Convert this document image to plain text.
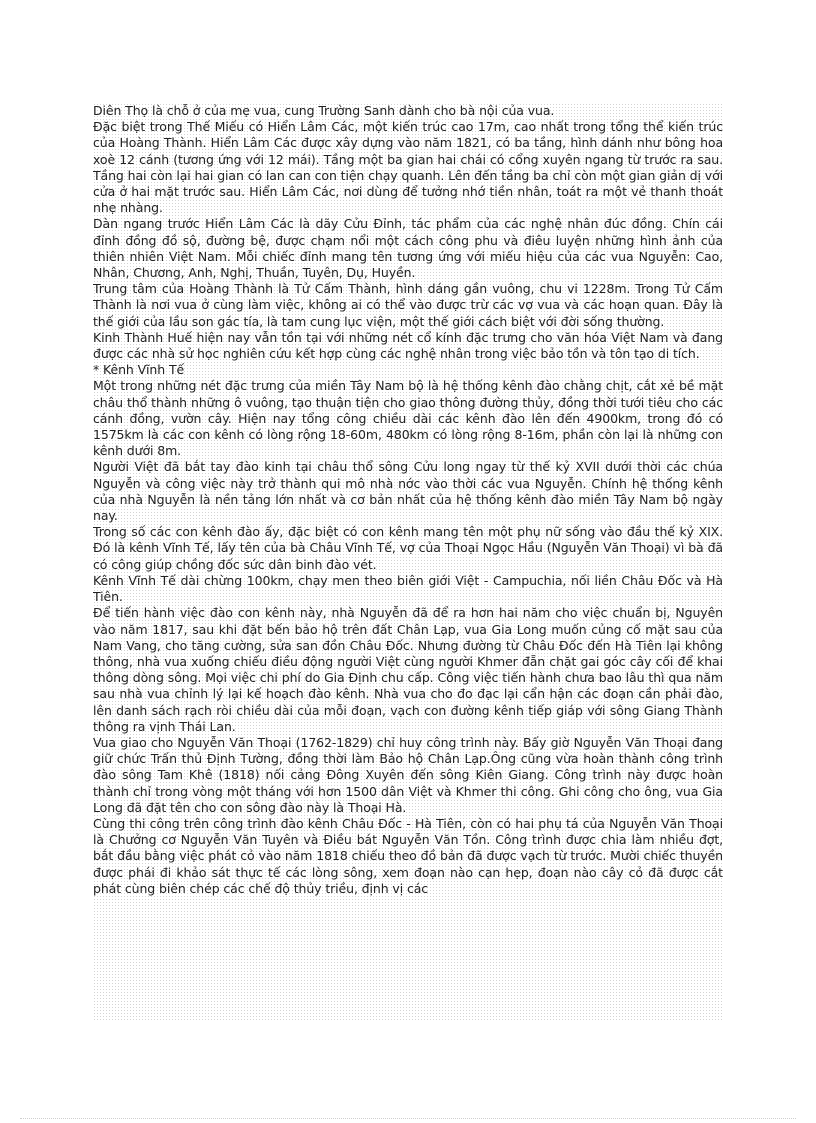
Diên Thọ là chỗ ở của mẹ vua, cung Trường Sanh dành cho bà nội của vua.

Đặc biệt trong Thế Miếu có Hiển Lâm Các, một kiến trúc cao 17m, cao nhất trong tổng thể kiến trúc của Hoàng Thành. Hiển Lâm Các được xây dựng vào năm 1821, có ba tầng, hình dánh như bông hoa xoè 12 cánh (tương ứng với 12 mái). Tầng một ba gian hai chái có cổng xuyên ngang từ trước ra sau. Tầng hai còn lại hai gian có lan can con tiện chạy quanh. Lên đến tầng ba chỉ còn một gian giản dị với cửa ở hai mặt trước sau. Hiển Lâm Các, nơi dùng để tưởng nhớ tiền nhân, toát ra một vẻ thanh thoát nhẹ nhàng.

Dàn ngang trước Hiển Lâm Các là dãy Cửu Đỉnh, tác phẩm của các nghệ nhân đúc đồng. Chín cái đỉnh đồng đồ sộ, đường bệ, được chạm nổi một cách công phu và điêu luyện những hình ảnh của thiên nhiên Việt Nam. Mỗi chiếc đỉnh mang tên tương ứng với miếu hiệu của các vua Nguyễn: Cao, Nhân, Chương, Anh, Nghị, Thuần, Tuyên, Dụ, Huyền.

Trung tâm của Hoàng Thành là Tử Cấm Thành, hình dáng gần vuông, chu vi 1228m. Trong Tử Cấm Thành là nơi vua ở cùng làm việc, không ai có thể vào được trừ các vợ vua và các hoạn quan. Đây là thế giới của lầu son gác tía, là tam cung lục viện, một thế giới cách biệt với đời sống thường.

Kinh Thành Huế hiện nay vẫn tồn tại với những nét cổ kính đặc trưng cho văn hóa Việt Nam và đang được các nhà sử học nghiên cứu kết hợp cùng các nghệ nhân trong việc bảo tồn và tôn tạo di tích.

* Kênh Vĩnh Tế

Một trong những nét đặc trưng của miền Tây Nam bộ là hệ thống kênh đào chằng chịt, cắt xẻ bề mặt châu thổ thành những ô vuông, tạo thuận tiện cho giao thông đường thủy, đồng thời tưới tiêu cho các cánh đồng, vườn cây. Hiện nay tổng công chiều dài các kênh đào lên đến 4900km, trong đó có 1575km là các con kênh có lòng rộng 18-60m, 480km có lòng rộng 8-16m, phần còn lại là những con kênh dưới 8m.

Người Việt đã bắt tay đào kinh tại châu thổ sông Cửu long ngay từ thế kỷ XVII dưới thời các chúa Nguyễn và công việc này trở thành qui mô nhà nớc vào thời các vua Nguyễn. Chính hệ thống kênh của nhà Nguyễn là nền tảng lớn nhất và cơ bản nhất của hệ thống kênh đào miền Tây Nam bộ ngày nay.

Trong số các con kênh đào ấy, đặc biệt có con kênh mang tên một phụ nữ sống vào đầu thế kỷ XIX. Đó là kênh Vĩnh Tế, lấy tên của bà Châu Vĩnh Tế, vợ của Thoại Ngọc Hầu (Nguyễn Văn Thoại) vì bà đã có công giúp chồng đốc sức dân binh đào vét.

Kênh Vĩnh Tế dài chừng 100km, chạy men theo biên giới Việt - Campuchia, nối liền Châu Đốc và Hà Tiên.

Để tiến hành việc đào con kênh này, nhà Nguyễn đã để ra hơn hai năm cho việc chuẩn bị, Nguyên vào năm 1817, sau khi đặt bến bảo hộ trên đất Chân Lạp, vua Gia Long muốn củng cố mặt sau của Nam Vang, cho tăng cường, sửa san đồn Châu Đốc. Nhưng đường từ Châu Đốc đến Hà Tiên lại không thông, nhà vua xuống chiếu điều động người Việt cùng người Khmer đẵn chặt gai góc cây cối để khai thông dòng sông. Mọi việc chi phí do Gia Định chu cấp. Công việc tiến hành chưa bao lâu thì qua năm sau nhà vua chỉnh lý lại kế hoạch đào kênh. Nhà vua cho đo đạc lại cẩn hận các đoạn cần phải đào, lên danh sách rạch ròi chiều dài của mỗi đoạn, vạch con đường kênh tiếp giáp với sông Giang Thành thông ra vịnh Thái Lan.

Vua giao cho Nguyễn Văn Thoại (1762-1829) chỉ huy công trình này. Bấy giờ Nguyễn Văn Thoại đang giữ chức Trấn thủ Định Tường, đồng thời làm Bảo hộ Chân Lạp.Ông cũng vừa hoàn thành công trình đào sông Tam Khê (1818) nối cảng Đông Xuyên đến sông Kiên Giang. Công trình này được hoàn thành chỉ trong vòng một tháng với hơn 1500 dân Việt và Khmer thi công. Ghi công cho ông, vua Gia Long đã đặt tên cho con sông đào này là Thoại Hà.

Cùng thi công trên công trình đào kênh Châu Đốc - Hà Tiên, còn có hai phụ tá của Nguyễn Văn Thoại là Chưởng cơ Nguyễn Văn Tuyên và Điều bát Nguyễn Văn Tồn. Công trình được chia làm nhiều đợt, bắt đầu bằng việc phát cỏ vào năm 1818 chiếu theo đồ bản đã được vạch từ trước. Mười chiếc thuyền được phái đi khảo sát thực tế các lòng sông, xem đoạn nào cạn hẹp, đoạn nào cây cỏ đã được cắt phát cùng biên chép các chế độ thủy triều, định vị các
